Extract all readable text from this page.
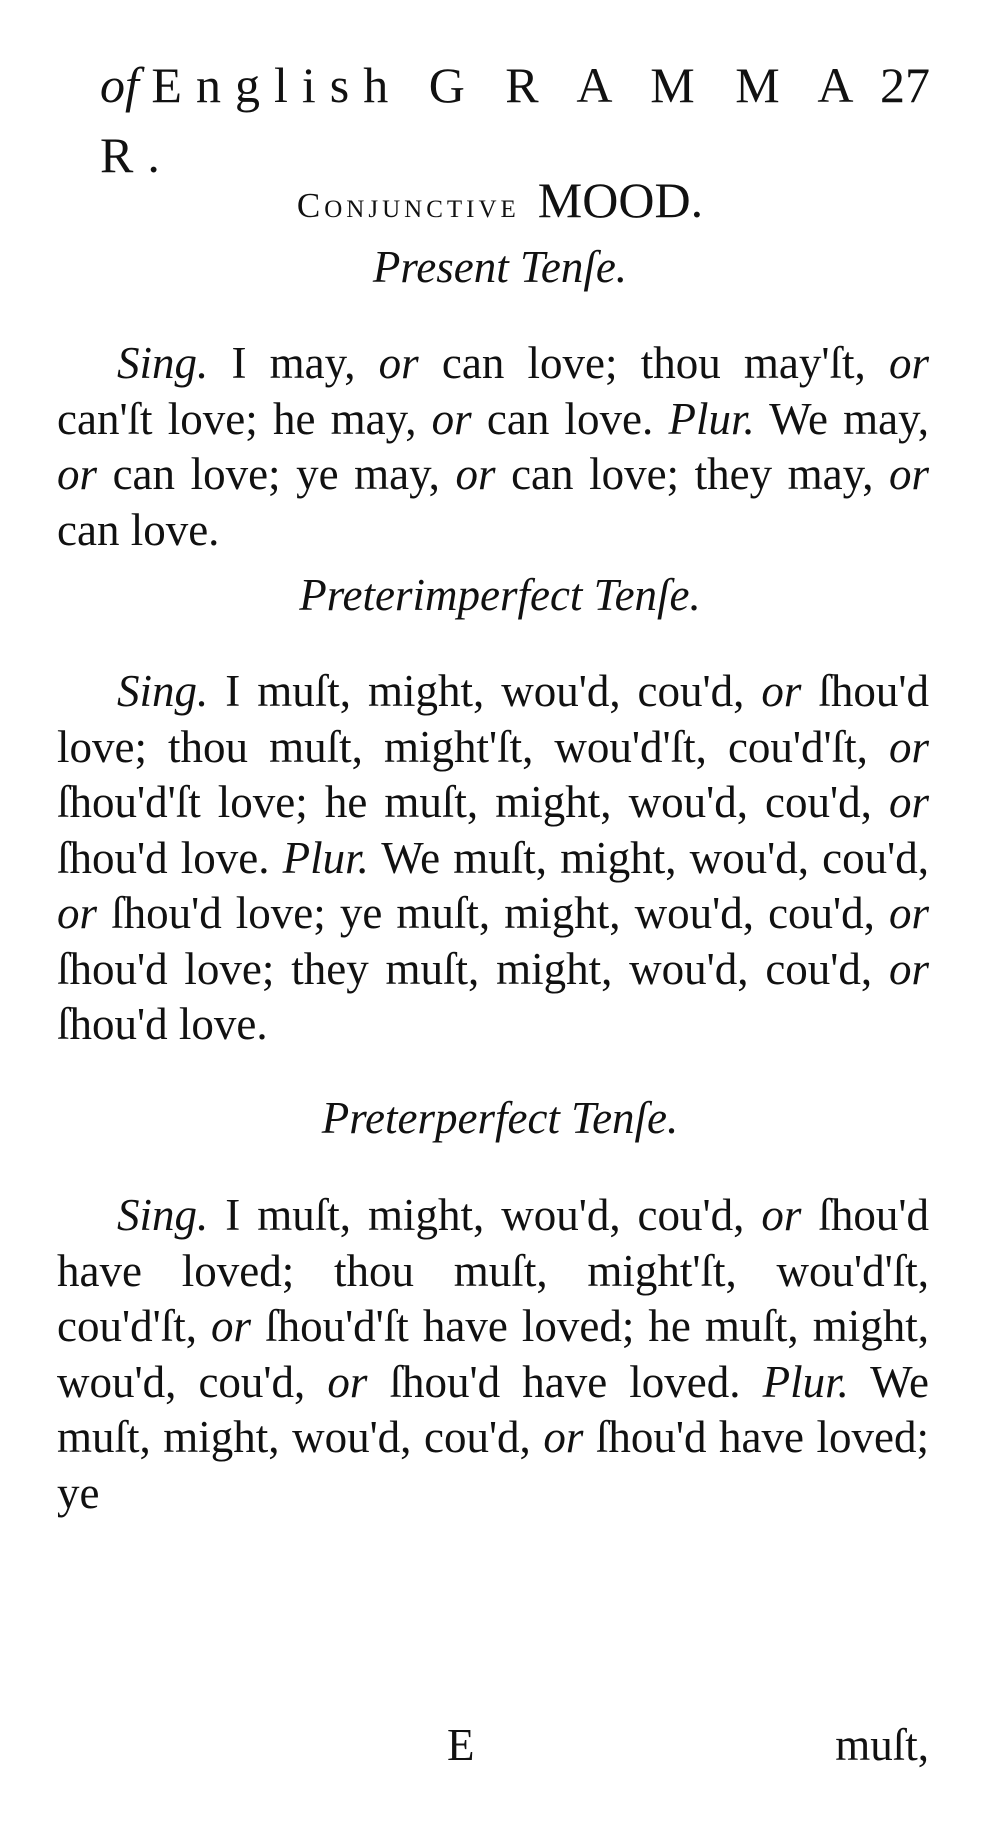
of English G R A M M A R.
27
Conjunctive MOOD.
Present Tenſe.

Sing. I may, or can love; thou may'ſt, or can'ſt love; he may, or can love. Plur. We may, or can love; ye may, or can love; they may, or can love.

Preterimperfect Tenſe.

Sing. I muſt, might, wou'd, cou'd, or ſhou'd love; thou muſt, might'ſt, wou'd'ſt, cou'd'ſt, or ſhou'd'ſt love; he muſt, might, wou'd, cou'd, or ſhou'd love. Plur. We muſt, might, wou'd, cou'd, or ſhou'd love; ye muſt, might, wou'd, cou'd, or ſhou'd love; they muſt, might, wou'd, cou'd, or ſhou'd love.

Preterperfect Tenſe.

Sing. I muſt, might, wou'd, cou'd, or ſhou'd have loved; thou muſt, might'ſt, wou'd'ſt, cou'd'ſt, or ſhou'd'ſt have loved; he muſt, might, wou'd, cou'd, or ſhou'd have loved. Plur. We muſt, might, wou'd, cou'd, or ſhou'd have loved; ye

E	muſt,
